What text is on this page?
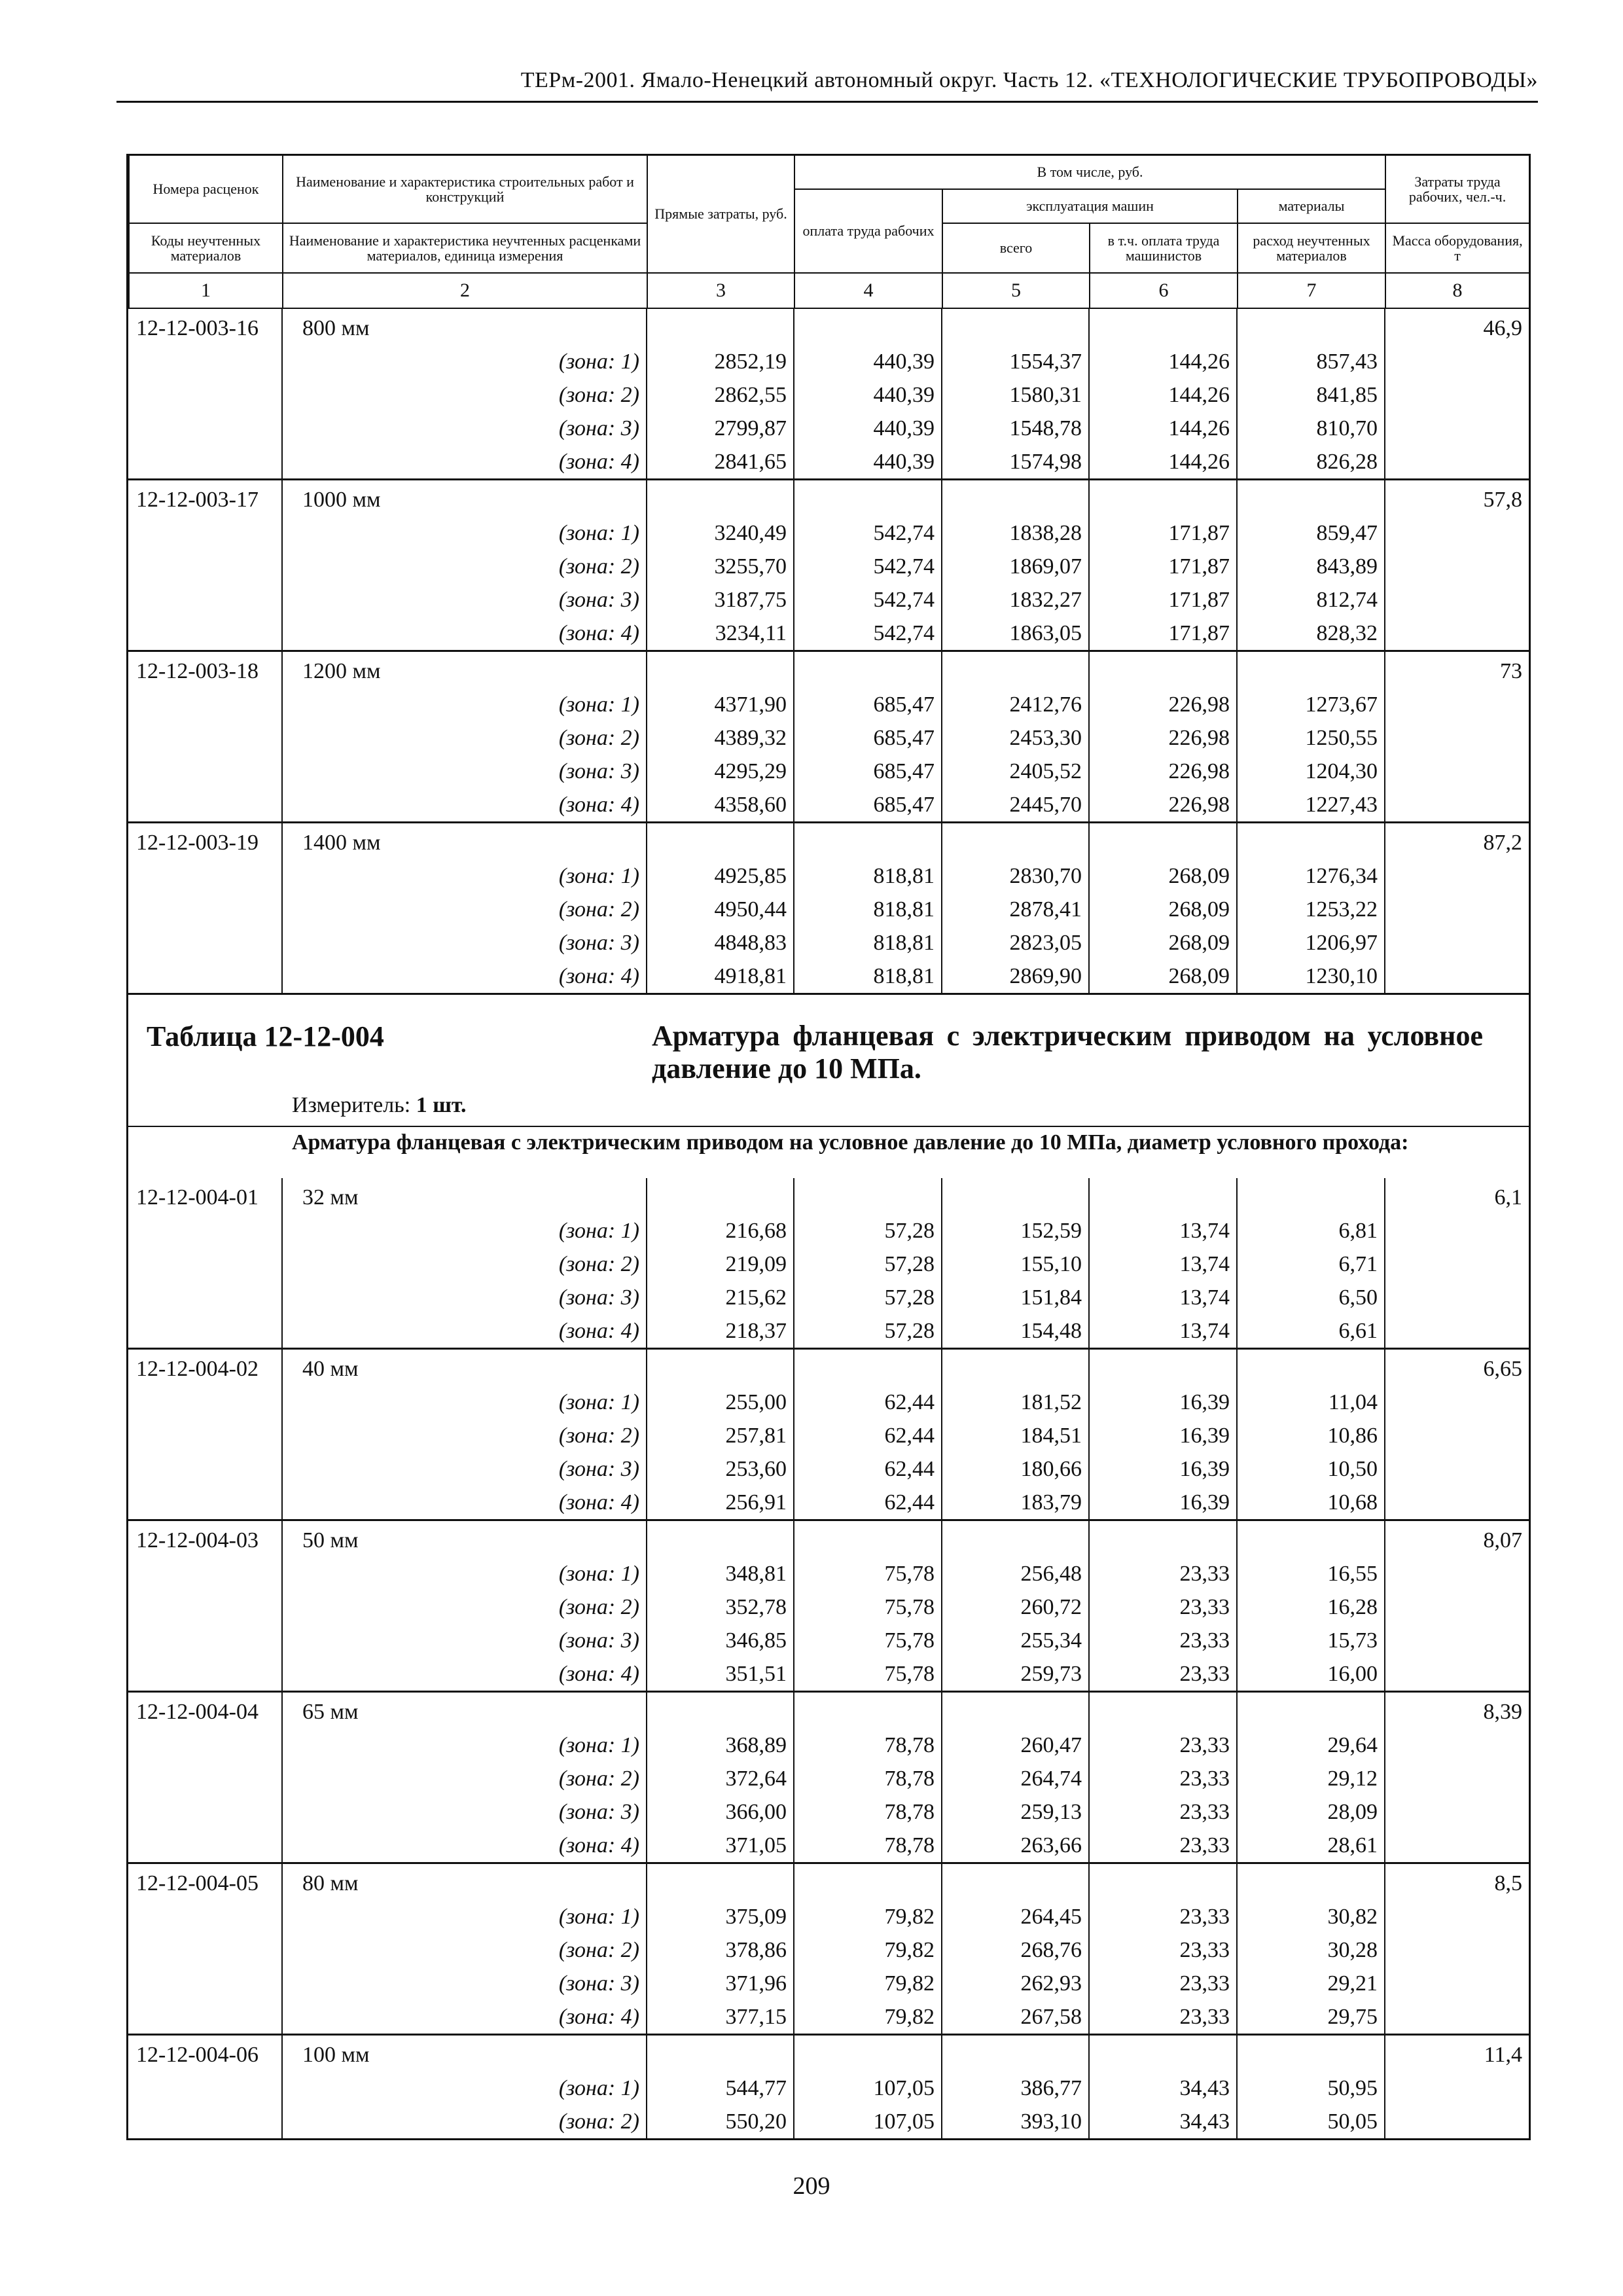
ТЕРм-2001. Ямало-Ненецкий автономный округ. Часть 12. «ТЕХНОЛОГИЧЕСКИЕ ТРУБОПРОВОДЫ»
Номера расценок	Наименование и характеристика строительных работ и конструкций	Прямые затраты, руб.	В том числе, руб.				Затраты труда рабочих, чел.-ч.
			оплата труда рабочих	эксплуатация машин		материалы	
Коды неучтенных материалов	Наименование и характеристика неучтенных расценками материалов, единица измерения			всего	в т.ч. оплата труда машинистов	расход неучтенных материалов	Масса оборудования, т
1	2	3	4	5	6	7	8
12-12-003-16	800 мм						46,9
	(зона: 1)	2852,19	440,39	1554,37	144,26	857,43	
	(зона: 2)	2862,55	440,39	1580,31	144,26	841,85	
	(зона: 3)	2799,87	440,39	1548,78	144,26	810,70	
	(зона: 4)	2841,65	440,39	1574,98	144,26	826,28	
12-12-003-17	1000 мм						57,8
	(зона: 1)	3240,49	542,74	1838,28	171,87	859,47	
	(зона: 2)	3255,70	542,74	1869,07	171,87	843,89	
	(зона: 3)	3187,75	542,74	1832,27	171,87	812,74	
	(зона: 4)	3234,11	542,74	1863,05	171,87	828,32	
12-12-003-18	1200 мм						73
	(зона: 1)	4371,90	685,47	2412,76	226,98	1273,67	
	(зона: 2)	4389,32	685,47	2453,30	226,98	1250,55	
	(зона: 3)	4295,29	685,47	2405,52	226,98	1204,30	
	(зона: 4)	4358,60	685,47	2445,70	226,98	1227,43	
12-12-003-19	1400 мм						87,2
	(зона: 1)	4925,85	818,81	2830,70	268,09	1276,34	
	(зона: 2)	4950,44	818,81	2878,41	268,09	1253,22	
	(зона: 3)	4848,83	818,81	2823,05	268,09	1206,97	
	(зона: 4)	4918,81	818,81	2869,90	268,09	1230,10	
Таблица 12-12-004	Арматура фланцевая с электрическим приводом на условное давление до 10 МПа.
Измеритель: 1 шт.
Арматура фланцевая с электрическим приводом на условное давление до 10 МПа, диаметр условного прохода:
12-12-004-01	32 мм						6,1
	(зона: 1)	216,68	57,28	152,59	13,74	6,81	
	(зона: 2)	219,09	57,28	155,10	13,74	6,71	
	(зона: 3)	215,62	57,28	151,84	13,74	6,50	
	(зона: 4)	218,37	57,28	154,48	13,74	6,61	
12-12-004-02	40 мм						6,65
	(зона: 1)	255,00	62,44	181,52	16,39	11,04	
	(зона: 2)	257,81	62,44	184,51	16,39	10,86	
	(зона: 3)	253,60	62,44	180,66	16,39	10,50	
	(зона: 4)	256,91	62,44	183,79	16,39	10,68	
12-12-004-03	50 мм						8,07
	(зона: 1)	348,81	75,78	256,48	23,33	16,55	
	(зона: 2)	352,78	75,78	260,72	23,33	16,28	
	(зона: 3)	346,85	75,78	255,34	23,33	15,73	
	(зона: 4)	351,51	75,78	259,73	23,33	16,00	
12-12-004-04	65 мм						8,39
	(зона: 1)	368,89	78,78	260,47	23,33	29,64	
	(зона: 2)	372,64	78,78	264,74	23,33	29,12	
	(зона: 3)	366,00	78,78	259,13	23,33	28,09	
	(зона: 4)	371,05	78,78	263,66	23,33	28,61	
12-12-004-05	80 мм						8,5
	(зона: 1)	375,09	79,82	264,45	23,33	30,82	
	(зона: 2)	378,86	79,82	268,76	23,33	30,28	
	(зона: 3)	371,96	79,82	262,93	23,33	29,21	
	(зона: 4)	377,15	79,82	267,58	23,33	29,75	
12-12-004-06	100 мм						11,4
	(зона: 1)	544,77	107,05	386,77	34,43	50,95	
	(зона: 2)	550,20	107,05	393,10	34,43	50,05	
209
